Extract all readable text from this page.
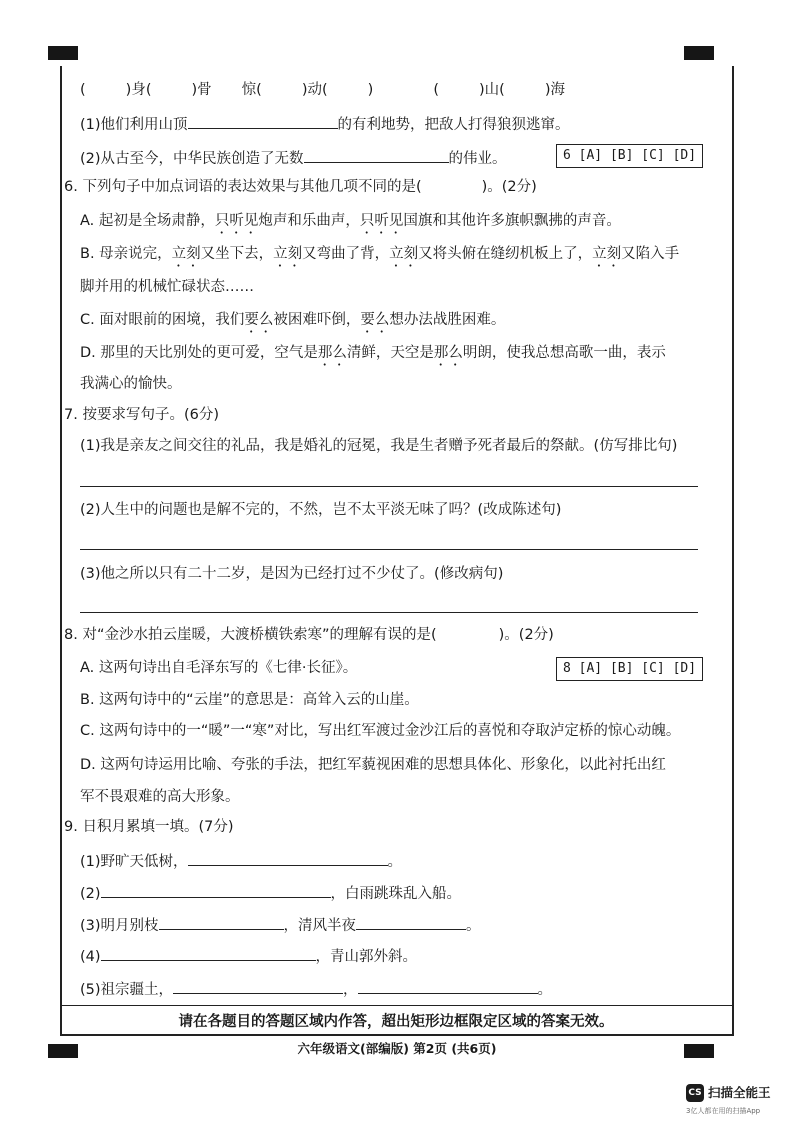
(	)身(	)骨 惊(	)动(	)	(	)山(	)海
(1)他们利用山顶	的有利地势，把敌人打得狼狈逃窜。
(2)从古至今，中华民族创造了无数	的伟业。	6 [A] [B] [C] [D]
6. 下列句子中加点词语的表达效果与其他几项不同的是(	)。(2分)
A. 起初是全场肃静，只听见炮声和乐曲声，只听见国旗和其他许多旗帜飘拂的声音。
B. 母亲说完，立刻又坐下去，立刻又弯曲了背，立刻又将头俯在缝纫机板上了，立刻又陷入手
脚并用的机械忙碌状态……
C. 面对眼前的困境，我们要么被困难吓倒，要么想办法战胜困难。
D. 那里的天比别处的更可爱，空气是那么清鲜，天空是那么明朗，使我总想高歌一曲，表示
我满心的愉快。
7. 按要求写句子。(6分)
(1)我是亲友之间交往的礼品，我是婚礼的冠冕，我是生者赠予死者最后的祭献。(仿写排比句)
(2)人生中的问题也是解不完的，不然，岂不太平淡无味了吗？(改成陈述句)
(3)他之所以只有二十二岁，是因为已经打过不少仗了。(修改病句)
8. 对“金沙水拍云崖暖，大渡桥横铁索寒”的理解有误的是(	)。(2分)
8 [A] [B] [C] [D]
A. 这两句诗出自毛泽东写的《七律·长征》。
B. 这两句诗中的“云崖”的意思是：高耸入云的山崖。
C. 这两句诗中的一“暖”一“寒”对比，写出红军渡过金沙江后的喜悦和夺取泸定桥的惊心动魄。
D. 这两句诗运用比喻、夸张的手法，把红军藐视困难的思想具体化、形象化，以此衬托出红
军不畏艰难的高大形象。
9. 日积月累填一填。(7分)
(1)野旷天低树，	。
(2)	，白雨跳珠乱入船。
(3)明月别枝	，清风半夜	。
(4)	，青山郭外斜。
(5)祖宗疆土，	，	。
请在各题目的答题区域内作答，超出矩形边框限定区域的答案无效。
六年级语文(部编版) 第2页 (共6页)
CS 扫描全能王
3亿人都在用的扫描App
